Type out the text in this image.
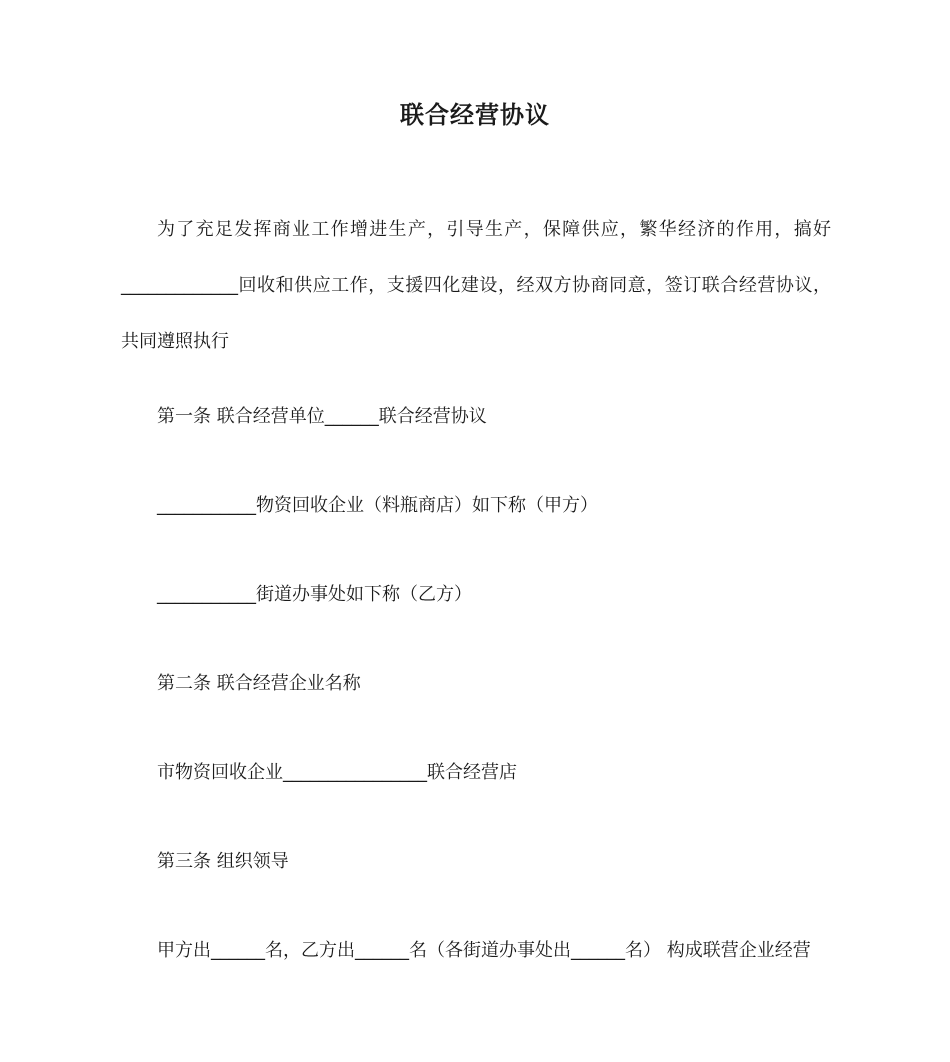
联合经营协议
为了充足发挥商业工作增进生产，引导生产，保障供应，繁华经济的作用，搞好 _____________回收和供应工作，支援四化建设，经双方协商同意，签订联合经营协议，共同遵照执行
第一条 联合经营单位______联合经营协议
___________物资回收企业（料瓶商店）如下称（甲方）
___________街道办事处如下称（乙方）
第二条 联合经营企业名称
市物资回收企业________________联合经营店
第三条 组织领导
甲方出______名，乙方出______名（各街道办事处出______名） 构成联营企业经营
